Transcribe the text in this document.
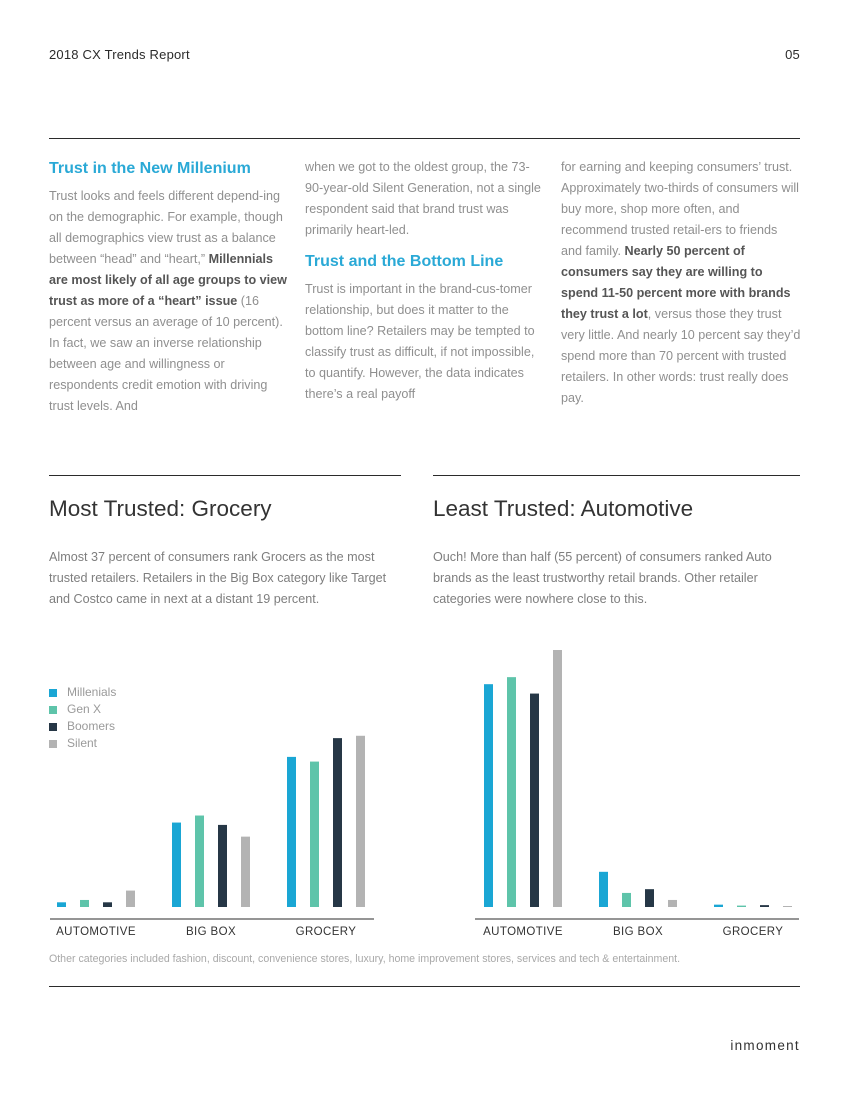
2018 CX Trends Report	05
Trust in the New Millenium

Trust looks and feels different depend-ing on the demographic. For example, though all demographics view trust as a balance between “head” and “heart,” Millennials are most likely of all age groups to view trust as more of a “heart” issue (16 percent versus an average of 10 percent). In fact, we saw an inverse relationship between age and willingness or respondents credit emotion with driving trust levels. And

when we got to the oldest group, the 73-90-year-old Silent Generation, not a single respondent said that brand trust was primarily heart-led.

Trust and the Bottom Line

Trust is important in the brand-cus-tomer relationship, but does it matter to the bottom line? Retailers may be tempted to classify trust as difficult, if not impossible, to quantify. However, the data indicates there’s a real payoff

for earning and keeping consumers’ trust. Approximately two-thirds of consumers will buy more, shop more often, and recommend trusted retail-ers to friends and family. Nearly 50 percent of consumers say they are willing to spend 11-50 percent more with brands they trust a lot, versus those they trust very little. And nearly 10 percent say they’d spend more than 70 percent with trusted retailers. In other words: trust really does pay.

Most Trusted: Grocery	Least Trusted: Automotive
Almost 37 percent of consumers rank Grocers as the most trusted retailers. Retailers in the Big Box category like Target and Costco came in next at a distant 19 percent.
Ouch! More than half (55 percent) of consumers ranked Auto brands as the least trustworthy retail brands. Other retailer categories were nowhere close to this.
Millenials
Gen X
Boomers
Silent
AUTOMOTIVE	BIG BOX	GROCERY	AUTOMOTIVE	BIG BOX	GROCERY
Other categories included fashion, discount, convenience stores, luxury, home improvement stores, services and tech & entertainment.
inmoment
